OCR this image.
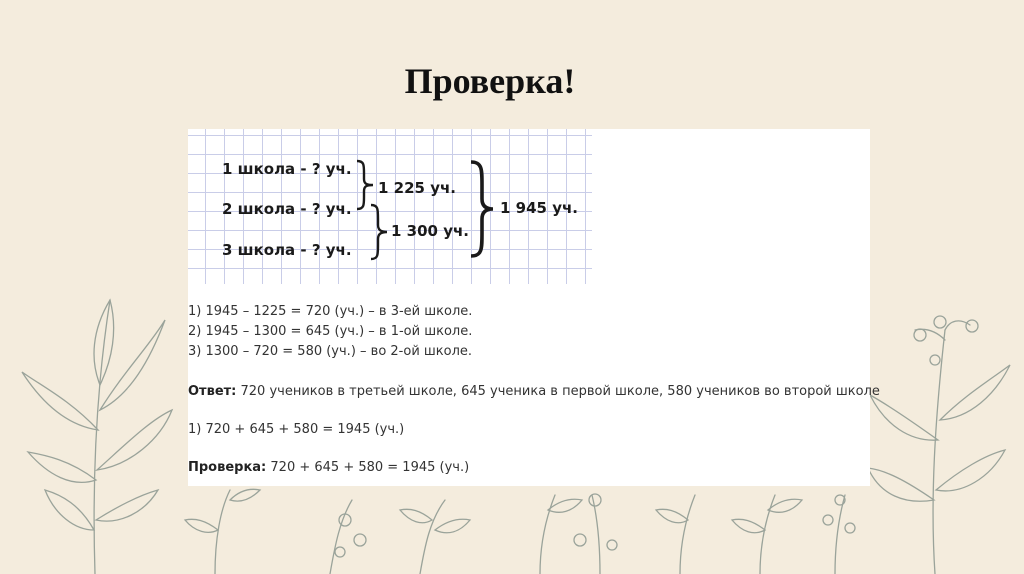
Проверка!
1 школа - ? уч.
2 школа - ? уч.
3 школа - ? уч.
1 225 уч.
1 300 уч.
1 945 уч.
1) 1945 – 1225 = 720 (уч.) – в 3-ей школе.
2) 1945 – 1300 = 645 (уч.) – в 1-ой школе.
3) 1300 – 720 = 580 (уч.) – во 2-ой школе.
Ответ: 720 учеников в третьей школе, 645 ученика в первой школе, 580 учеников во второй школе
1) 720 + 645 + 580 = 1945 (уч.)
Проверка: 720 + 645 + 580 = 1945 (уч.)
